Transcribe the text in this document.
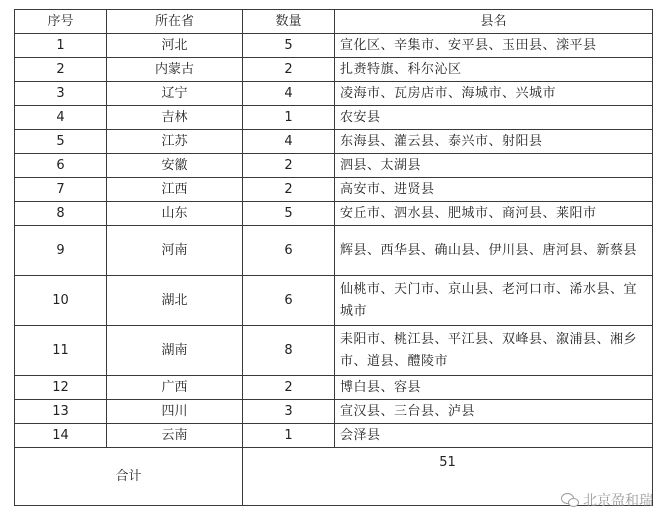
序号	所在省	数量	县名
1	河北	5	宣化区、辛集市、安平县、玉田县、滦平县
2	内蒙古	2	扎赉特旗、科尔沁区
3	辽宁	4	凌海市、瓦房店市、海城市、兴城市
4	吉林	1	农安县
5	江苏	4	东海县、灌云县、泰兴市、射阳县
6	安徽	2	泗县、太湖县
7	江西	2	高安市、进贤县
8	山东	5	安丘市、泗水县、肥城市、商河县、莱阳市
9	河南	6	辉县、西华县、确山县、伊川县、唐河县、新蔡县
10	湖北	6	仙桃市、天门市、京山县、老河口市、浠水县、宜城市
11	湖南	8	耒阳市、桃江县、平江县、双峰县、溆浦县、湘乡市、道县、醴陵市
12	广西	2	博白县、容县
13	四川	3	宣汉县、三台县、泸县
14	云南	1	会泽县
合计		51	
北京盈和瑞
